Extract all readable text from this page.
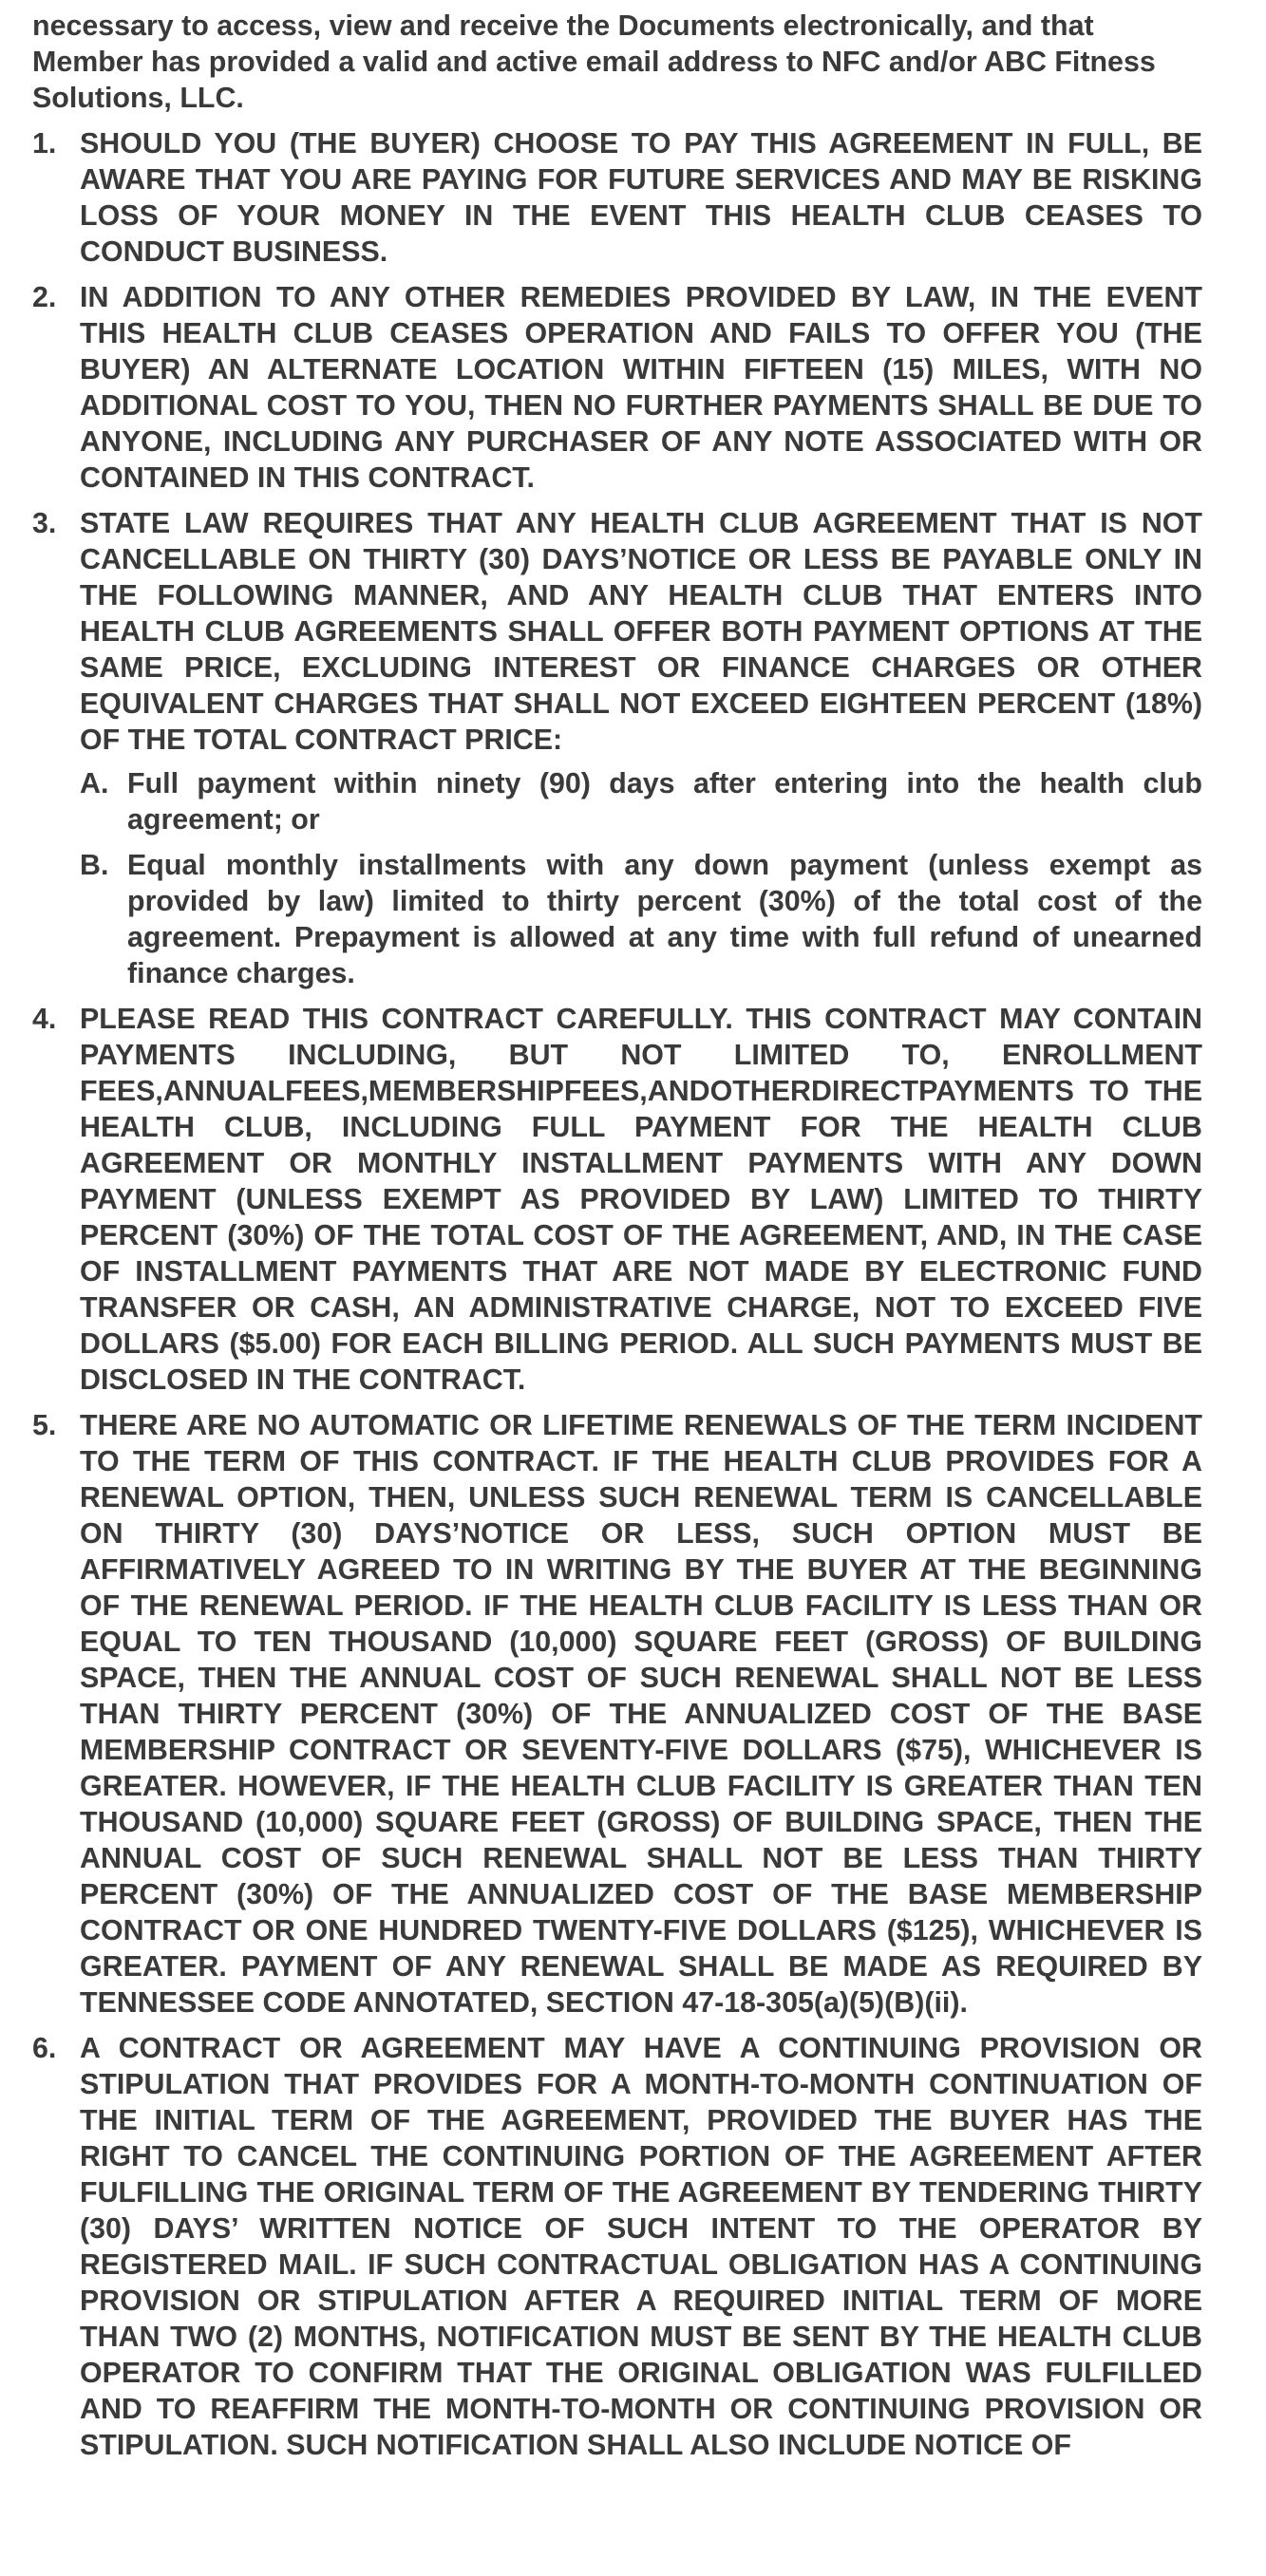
necessary to access, view and receive the Documents electronically, and that Member has provided a valid and active email address to NFC and/or ABC Fitness Solutions, LLC.

1. SHOULD YOU (THE BUYER) CHOOSE TO PAY THIS AGREEMENT IN FULL, BE AWARE THAT YOU ARE PAYING FOR FUTURE SERVICES AND MAY BE RISKING LOSS OF YOUR MONEY IN THE EVENT THIS HEALTH CLUB CEASES TO CONDUCT BUSINESS.
2. IN ADDITION TO ANY OTHER REMEDIES PROVIDED BY LAW, IN THE EVENT THIS HEALTH CLUB CEASES OPERATION AND FAILS TO OFFER YOU (THE BUYER) AN ALTERNATE LOCATION WITHIN FIFTEEN (15) MILES, WITH NO ADDITIONAL COST TO YOU, THEN NO FURTHER PAYMENTS SHALL BE DUE TO ANYONE, INCLUDING ANY PURCHASER OF ANY NOTE ASSOCIATED WITH OR CONTAINED IN THIS CONTRACT.
3. STATE LAW REQUIRES THAT ANY HEALTH CLUB AGREEMENT THAT IS NOT CANCELLABLE ON THIRTY (30) DAYS’NOTICE OR LESS BE PAYABLE ONLY IN THE FOLLOWING MANNER, AND ANY HEALTH CLUB THAT ENTERS INTO HEALTH CLUB AGREEMENTS SHALL OFFER BOTH PAYMENT OPTIONS AT THE SAME PRICE, EXCLUDING INTEREST OR FINANCE CHARGES OR OTHER EQUIVALENT CHARGES THAT SHALL NOT EXCEED EIGHTEEN PERCENT (18%) OF THE TOTAL CONTRACT PRICE:
A. Full payment within ninety (90) days after entering into the health club agreement; or
B. Equal monthly installments with any down payment (unless exempt as provided by law) limited to thirty percent (30%) of the total cost of the agreement. Prepayment is allowed at any time with full refund of unearned finance charges.
4. PLEASE READ THIS CONTRACT CAREFULLY. THIS CONTRACT MAY CONTAIN PAYMENTS INCLUDING, BUT NOT LIMITED TO, ENROLLMENT FEES,ANNUALFEES,MEMBERSHIPFEES,ANDOTHERDIRECTPAYMENTS TO THE HEALTH CLUB, INCLUDING FULL PAYMENT FOR THE HEALTH CLUB AGREEMENT OR MONTHLY INSTALLMENT PAYMENTS WITH ANY DOWN PAYMENT (UNLESS EXEMPT AS PROVIDED BY LAW) LIMITED TO THIRTY PERCENT (30%) OF THE TOTAL COST OF THE AGREEMENT, AND, IN THE CASE OF INSTALLMENT PAYMENTS THAT ARE NOT MADE BY ELECTRONIC FUND TRANSFER OR CASH, AN ADMINISTRATIVE CHARGE, NOT TO EXCEED FIVE DOLLARS ($5.00) FOR EACH BILLING PERIOD. ALL SUCH PAYMENTS MUST BE DISCLOSED IN THE CONTRACT.
5. THERE ARE NO AUTOMATIC OR LIFETIME RENEWALS OF THE TERM INCIDENT TO THE TERM OF THIS CONTRACT. IF THE HEALTH CLUB PROVIDES FOR A RENEWAL OPTION, THEN, UNLESS SUCH RENEWAL TERM IS CANCELLABLE ON THIRTY (30) DAYS’NOTICE OR LESS, SUCH OPTION MUST BE AFFIRMATIVELY AGREED TO IN WRITING BY THE BUYER AT THE BEGINNING OF THE RENEWAL PERIOD. IF THE HEALTH CLUB FACILITY IS LESS THAN OR EQUAL TO TEN THOUSAND (10,000) SQUARE FEET (GROSS) OF BUILDING SPACE, THEN THE ANNUAL COST OF SUCH RENEWAL SHALL NOT BE LESS THAN THIRTY PERCENT (30%) OF THE ANNUALIZED COST OF THE BASE MEMBERSHIP CONTRACT OR SEVENTY-FIVE DOLLARS ($75), WHICHEVER IS GREATER. HOWEVER, IF THE HEALTH CLUB FACILITY IS GREATER THAN TEN THOUSAND (10,000) SQUARE FEET (GROSS) OF BUILDING SPACE, THEN THE ANNUAL COST OF SUCH RENEWAL SHALL NOT BE LESS THAN THIRTY PERCENT (30%) OF THE ANNUALIZED COST OF THE BASE MEMBERSHIP CONTRACT OR ONE HUNDRED TWENTY-FIVE DOLLARS ($125), WHICHEVER IS GREATER. PAYMENT OF ANY RENEWAL SHALL BE MADE AS REQUIRED BY TENNESSEE CODE ANNOTATED, SECTION 47-18-305(a)(5)(B)(ii).
6. A CONTRACT OR AGREEMENT MAY HAVE A CONTINUING PROVISION OR STIPULATION THAT PROVIDES FOR A MONTH-TO-MONTH CONTINUATION OF THE INITIAL TERM OF THE AGREEMENT, PROVIDED THE BUYER HAS THE RIGHT TO CANCEL THE CONTINUING PORTION OF THE AGREEMENT AFTER FULFILLING THE ORIGINAL TERM OF THE AGREEMENT BY TENDERING THIRTY (30) DAYS’ WRITTEN NOTICE OF SUCH INTENT TO THE OPERATOR BY REGISTERED MAIL. IF SUCH CONTRACTUAL OBLIGATION HAS A CONTINUING PROVISION OR STIPULATION AFTER A REQUIRED INITIAL TERM OF MORE THAN TWO (2) MONTHS, NOTIFICATION MUST BE SENT BY THE HEALTH CLUB OPERATOR TO CONFIRM THAT THE ORIGINAL OBLIGATION WAS FULFILLED AND TO REAFFIRM THE MONTH-TO-MONTH OR CONTINUING PROVISION OR STIPULATION. SUCH NOTIFICATION SHALL ALSO INCLUDE NOTICE OF
